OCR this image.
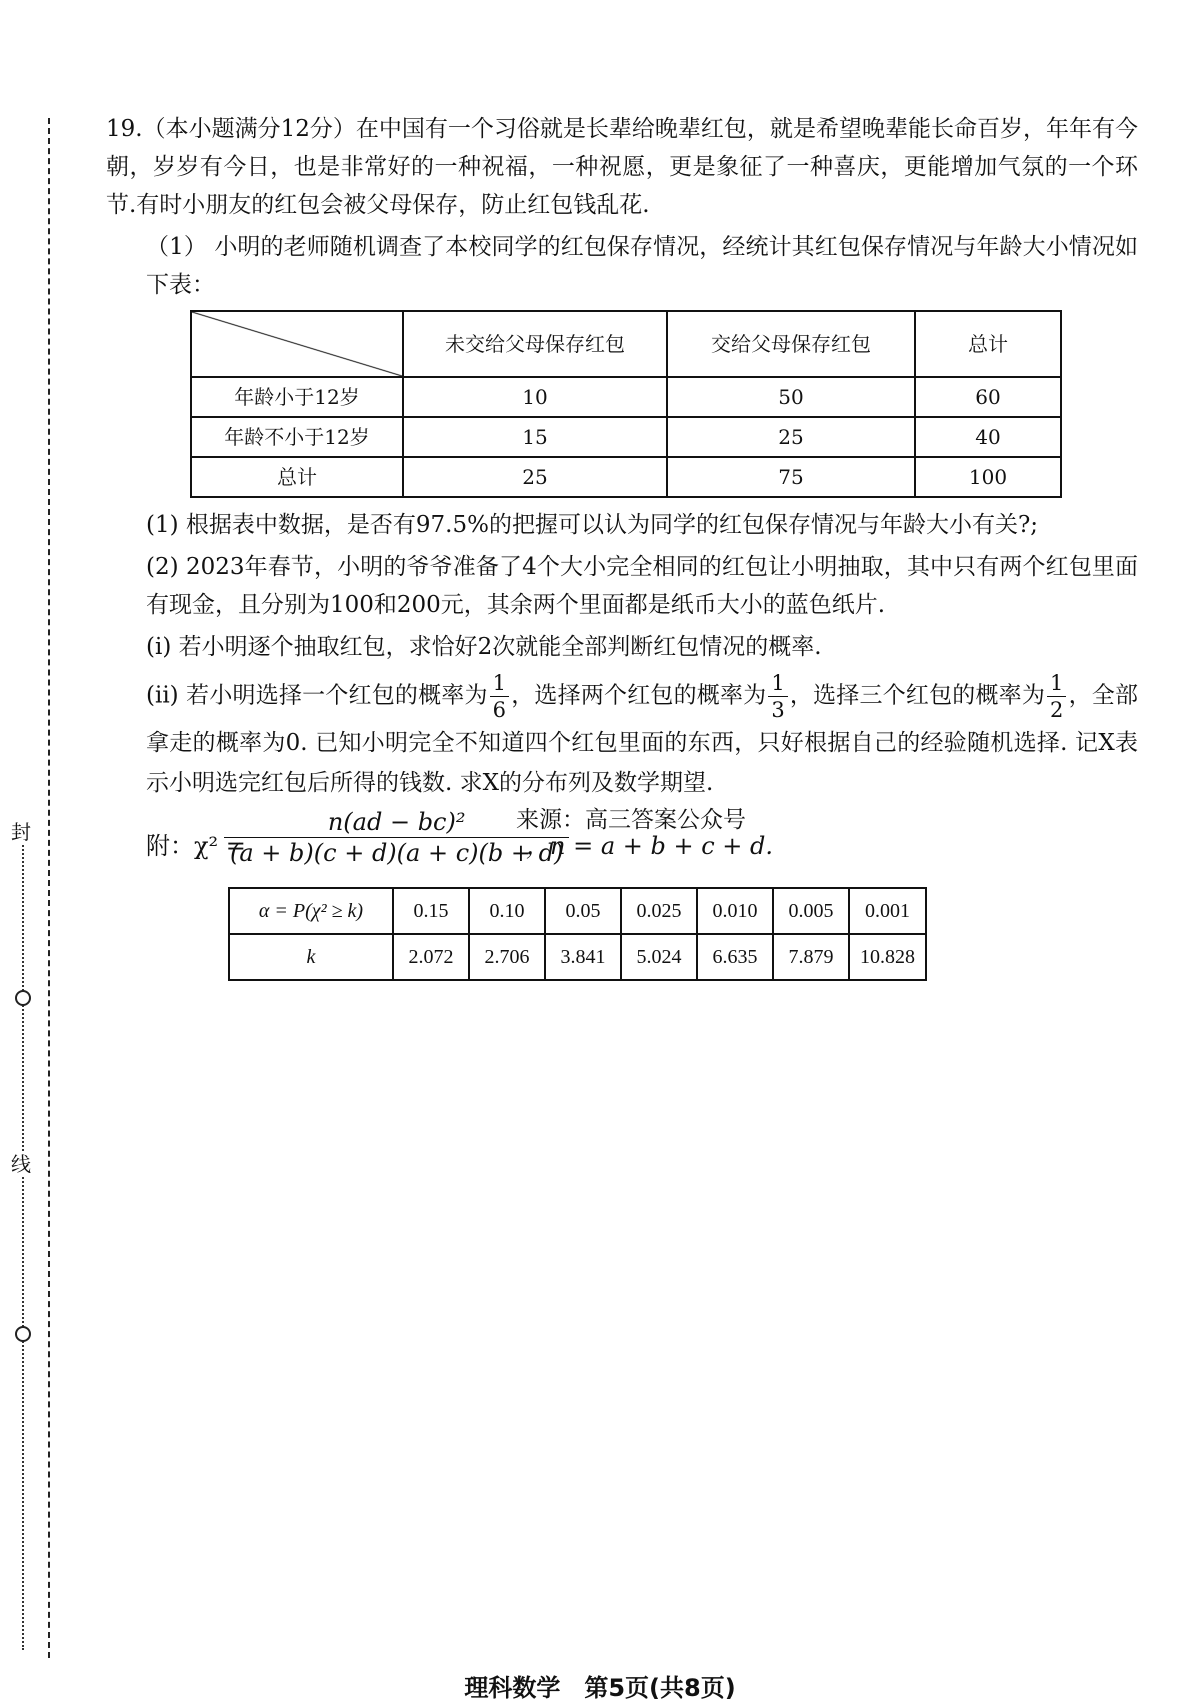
封
线

19.（本小题满分12分）在中国有一个习俗就是长辈给晚辈红包，就是希望晚辈能长命百岁，年年有今朝，岁岁有今日，也是非常好的一种祝福，一种祝愿，更是象征了一种喜庆，更能增加气氛的一个环节.有时小朋友的红包会被父母保存，防止红包钱乱花.

（1） 小明的老师随机调查了本校同学的红包保存情况，经统计其红包保存情况与年龄大小情况如下表：

	未交给父母保存红包	交给父母保存红包	总计
年龄小于12岁	10	50	60
年龄不小于12岁	15	25	40
总计	25	75	100

(1) 根据表中数据，是否有97.5%的把握可以认为同学的红包保存情况与年龄大小有关?;

(2) 2023年春节，小明的爷爷准备了4个大小完全相同的红包让小明抽取，其中只有两个红包里面有现金，且分别为100和200元，其余两个里面都是纸币大小的蓝色纸片.

(i) 若小明逐个抽取红包，求恰好2次就能全部判断红包情况的概率.

(ii) 若小明选择一个红包的概率为 $\frac{1}{6}$ ，选择两个红包的概率为 $\frac{1}{3}$ ，选择三个红包的概率为 $\frac{1}{2}$ ，全部拿走的概率为0. 已知小明完全不知道四个红包里面的东西，只好根据自己的经验随机选择. 记X表示小明选完红包后所得的钱数. 求X的分布列及数学期望.

附：χ² =
$\frac{\text{n(ad − bc)²}}{(a + b)(c + d)(a + c)(b + d)}$
来源：高三答案公众号
，n = a + b + c + d.
α = P(χ² ≥ k)	0.15	0.10	0.05	0.025	0.010	0.005	0.001
k	2.072	2.706	3.841	5.024	6.635	7.879	10.828
理科数学　第5页(共8页)
